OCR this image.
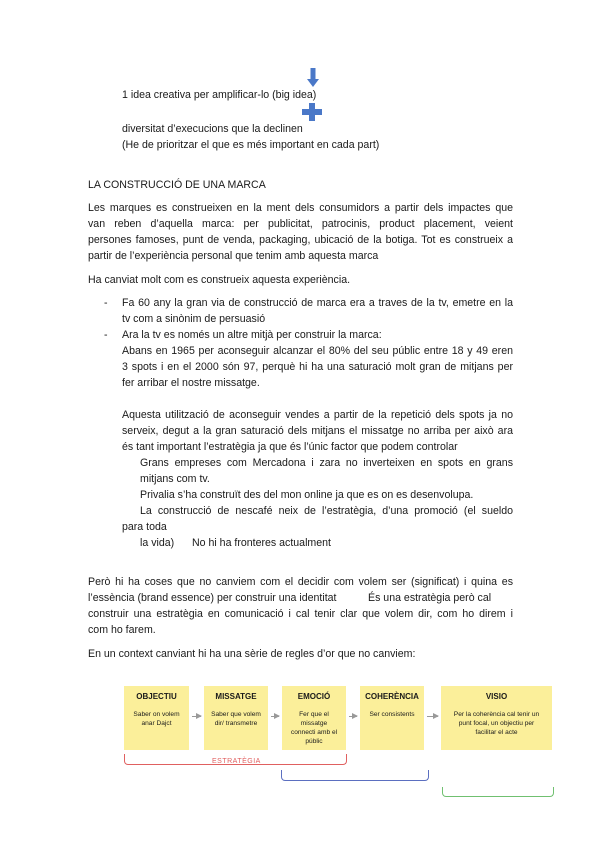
1 idea creativa per amplificar-lo (big idea)
diversitat d’execucions que la declinen
(He de prioritzar el que es més important en cada part)
LA CONSTRUCCIÓ DE UNA MARCA
Les marques es construeixen en la ment dels consumidors a partir dels impactes que
van reben d’aquella marca: per publicitat, patrocinis, product placement, veient
persones famoses, punt de venda, packaging, ubicació de la botiga. Tot es construeix a
partir de l’experiència personal que tenim amb aquesta marca
Ha canviat molt com es construeix aquesta experiència.
- Fa 60 any la gran via de construcció de marca era a traves de la tv, emetre en la
tv com a sinònim de persuasió
- Ara la tv es només un altre mitjà per construir la marca:
Abans en 1965 per aconseguir alcanzar el 80% del seu públic entre 18 y 49 eren
3 spots i en el 2000 són 97, perquè hi ha una saturació molt gran de mitjans per
fer arribar el nostre missatge.
Aquesta utilització de aconseguir vendes a partir de la repetició dels spots ja no
serveix, degut a la gran saturació dels mitjans el missatge no arriba per això ara
és tant important l’estratègia ja que és l’únic factor que podem controlar
Grans empreses com Mercadona i zara no inverteixen en spots en grans
mitjans com tv.
Privalia s’ha construït des del mon online ja que es on es desenvolupa.
La construcció de nescafé neix de l’estratègia, d’una promoció (el sueldo
para toda
la vida) No hi ha fronteres actualment
Però hi ha coses que no canviem com el decidir com volem ser (significat) i quina es
l’essència (brand essence) per construir una identitat	És una estratègia però cal
construir una estratègia en comunicació i cal tenir clar que volem dir, com ho direm i
com ho farem.
En un context canviant hi ha una sèrie de regles d’or que no canviem:
OBJECTIU
Saber on volem anar Dajct
MISSATGE
Saber que volem dir/ transmetre
EMOCIÓ
Fer que el missatge connecti amb el públic
COHERÈNCIA
Ser consistents
VISIO
Per la coherència cal tenir un punt focal, un objectiu per facilitar el acte
ESTRATÈGIA
